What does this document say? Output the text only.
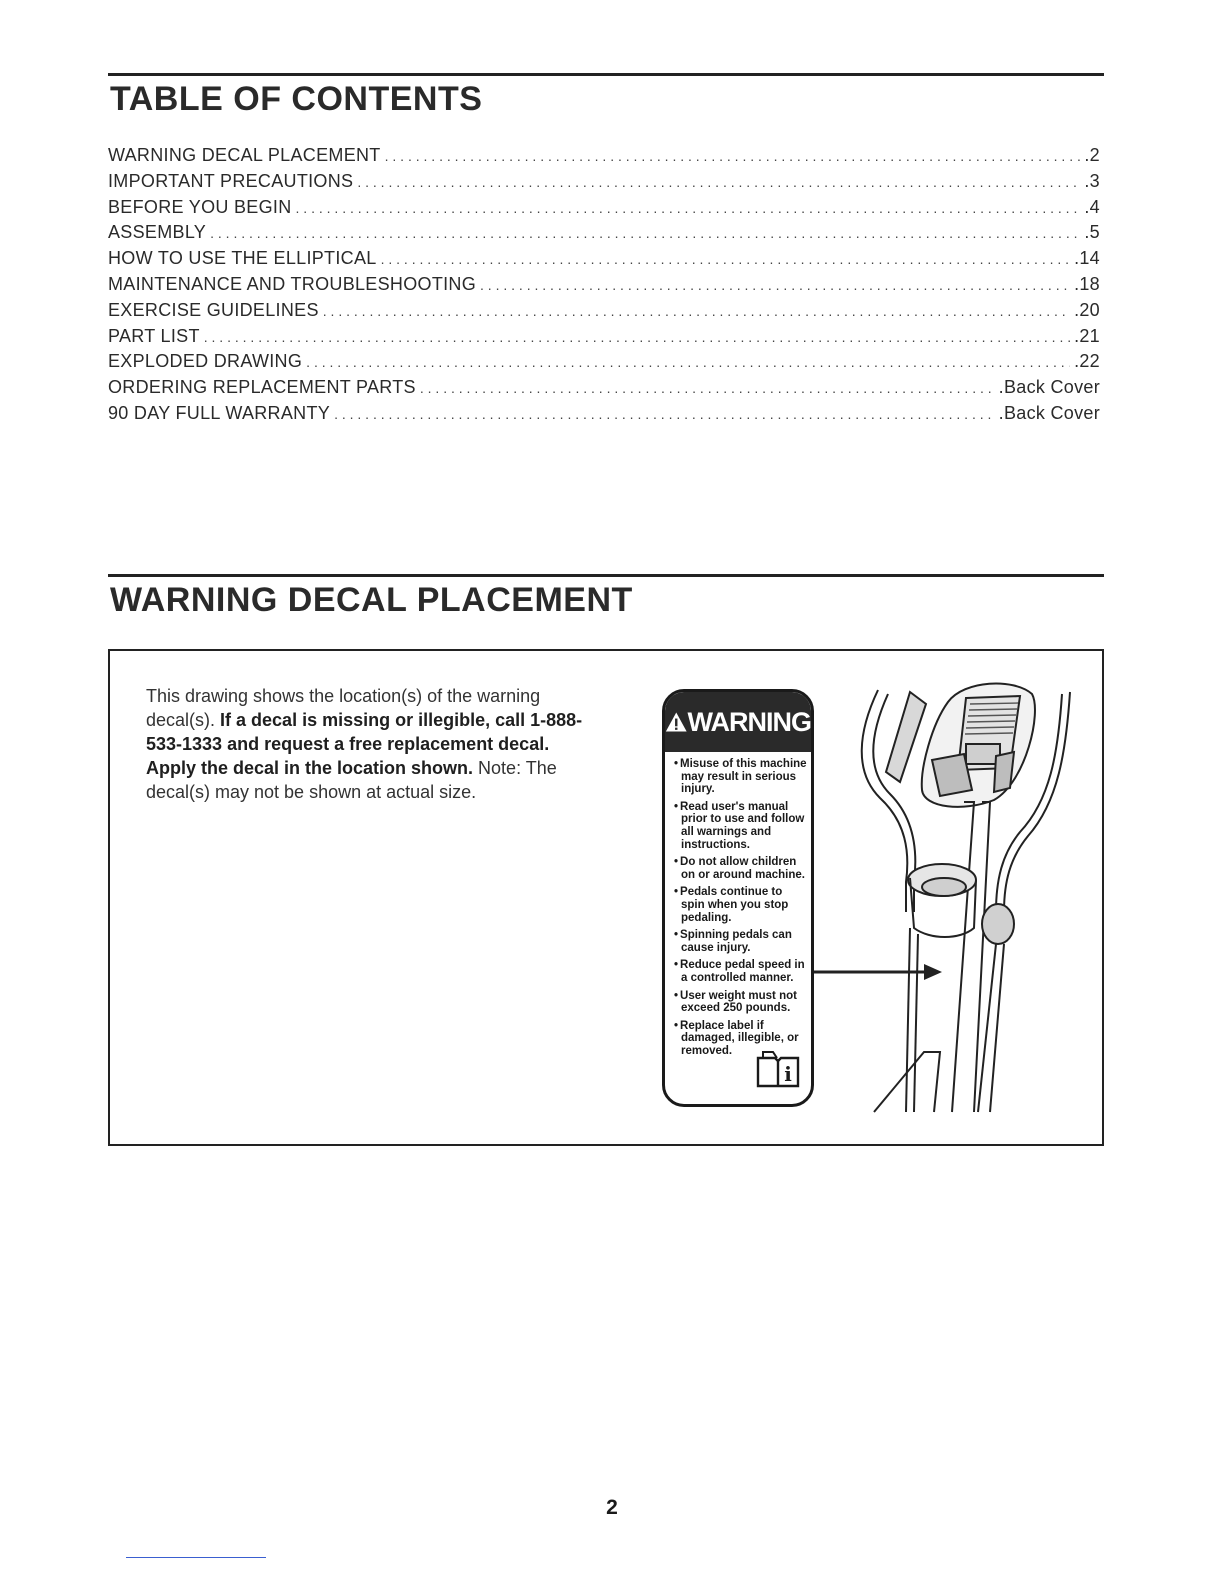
TABLE OF CONTENTS
WARNING DECAL PLACEMENT . . .	.2
IMPORTANT PRECAUTIONS . . .	.3
BEFORE YOU BEGIN . . .	.4
ASSEMBLY . . .	.5
HOW TO USE THE ELLIPTICAL . . .	.14
MAINTENANCE AND TROUBLESHOOTING . . .	.18
EXERCISE GUIDELINES . . .	.20
PART LIST . . .	.21
EXPLODED DRAWING . . .	.22
ORDERING REPLACEMENT PARTS . . .	.Back Cover
90 DAY FULL WARRANTY . . .	.Back Cover
WARNING DECAL PLACEMENT

This drawing shows the location(s) of the warning decal(s). If a decal is missing or illegible, call 1-888-533-1333 and request a free replacement decal. Apply the decal in the location shown. Note: The decal(s) may not be shown at actual size.

WARNING
• Misuse of this machine may result in serious injury.
• Read user's manual prior to use and follow all warnings and instructions.
• Do not allow children on or around machine.
• Pedals continue to spin when you stop pedaling.
• Spinning pedals can cause injury.
• Reduce pedal speed in a controlled manner.
• User weight must not exceed 250 pounds.
• Replace label if damaged, illegible, or removed.
i
2
